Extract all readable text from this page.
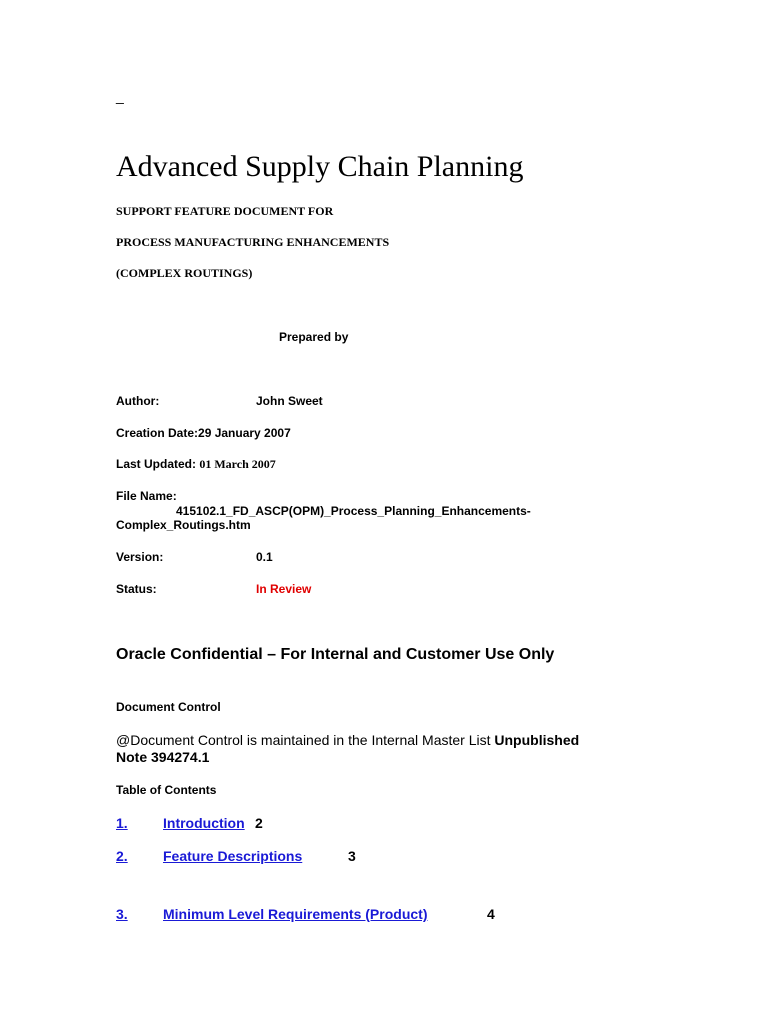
_
Advanced Supply Chain Planning
SUPPORT FEATURE DOCUMENT FOR
PROCESS MANUFACTURING ENHANCEMENTS
(COMPLEX ROUTINGS)
Prepared by
Author:	John Sweet
Creation Date:29 January 2007
Last Updated: 01 March 2007
File Name:
415102.1_FD_ASCP(OPM)_Process_Planning_Enhancements-
Complex_Routings.htm
Version:	0.1
Status:	In Review
Oracle Confidential – For Internal and Customer Use Only
Document Control
@Document Control is maintained in the Internal Master List Unpublished
Note 394274.1
Table of Contents
1.	Introduction 2
2.	Feature Descriptions	3
3.	Minimum Level Requirements (Product)	4
